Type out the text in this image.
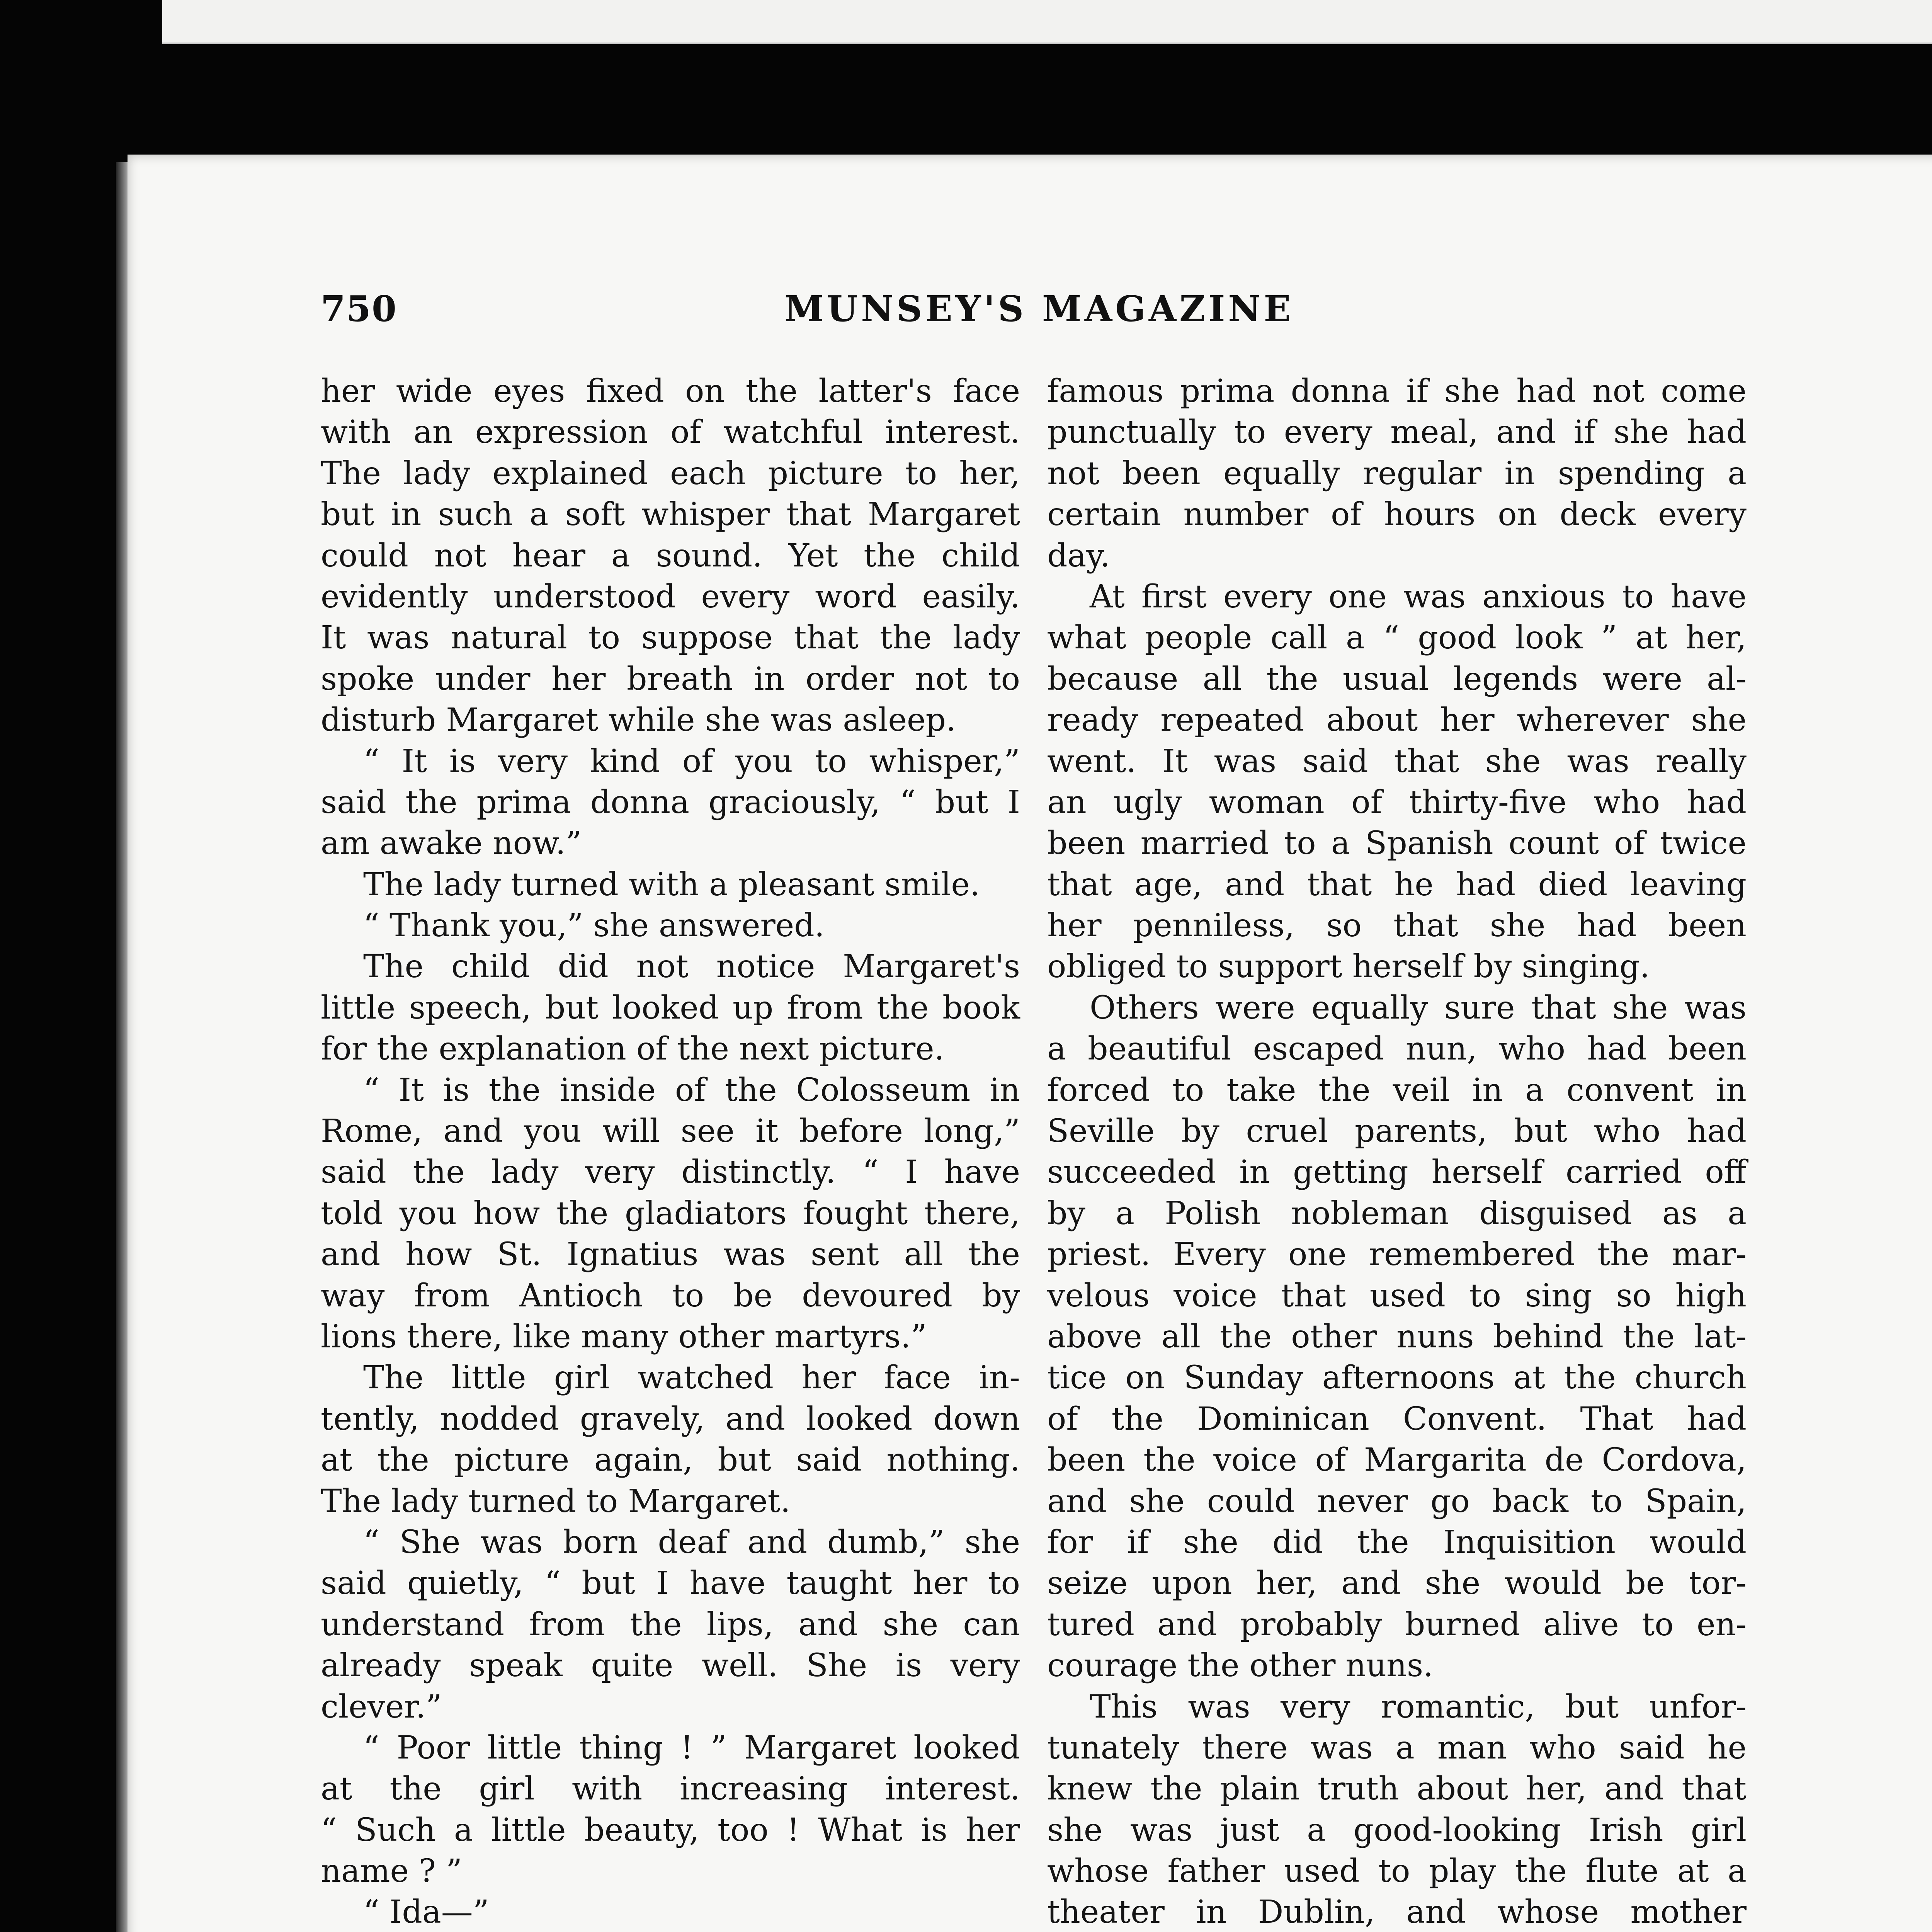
750	MUNSEY'S MAGAZINE
her wide eyes fixed on the latter's face
with an expression of watchful interest.
The lady explained each picture to her,
but in such a soft whisper that Margaret
could not hear a sound. Yet the child
evidently understood every word easily.
It was natural to suppose that the lady
spoke under her breath in order not to
disturb Margaret while she was asleep.
“ It is very kind of you to whisper,”
said the prima donna graciously, “ but I
am awake now.”
The lady turned with a pleasant smile.
“ Thank you,” she answered.
The child did not notice Margaret's
little speech, but looked up from the book
for the explanation of the next picture.
“ It is the inside of the Colosseum in
Rome, and you will see it before long,”
said the lady very distinctly. “ I have
told you how the gladiators fought there,
and how St. Ignatius was sent all the
way from Antioch to be devoured by
lions there, like many other martyrs.”
The little girl watched her face in-
tently, nodded gravely, and looked down
at the picture again, but said nothing.
The lady turned to Margaret.
“ She was born deaf and dumb,” she
said quietly, “ but I have taught her to
understand from the lips, and she can
already speak quite well. She is very
clever.”
“ Poor little thing ! ” Margaret looked
at the girl with increasing interest.
“ Such a little beauty, too ! What is her
name ? ”
“ Ida—”

famous prima donna if she had not come
punctually to every meal, and if she had
not been equally regular in spending a
certain number of hours on deck every
day.
At first every one was anxious to have
what people call a “ good look ” at her,
because all the usual legends were al-
ready repeated about her wherever she
went. It was said that she was really
an ugly woman of thirty-five who had
been married to a Spanish count of twice
that age, and that he had died leaving
her penniless, so that she had been
obliged to support herself by singing.
Others were equally sure that she was
a beautiful escaped nun, who had been
forced to take the veil in a convent in
Seville by cruel parents, but who had
succeeded in getting herself carried off
by a Polish nobleman disguised as a
priest. Every one remembered the mar-
velous voice that used to sing so high
above all the other nuns behind the lat-
tice on Sunday afternoons at the church
of the Dominican Convent. That had
been the voice of Margarita de Cordova,
and she could never go back to Spain,
for if she did the Inquisition would
seize upon her, and she would be tor-
tured and probably burned alive to en-
courage the other nuns.
This was very romantic, but unfor-
tunately there was a man who said he
knew the plain truth about her, and that
she was just a good-looking Irish girl
whose father used to play the flute at a
theater in Dublin, and whose mother
